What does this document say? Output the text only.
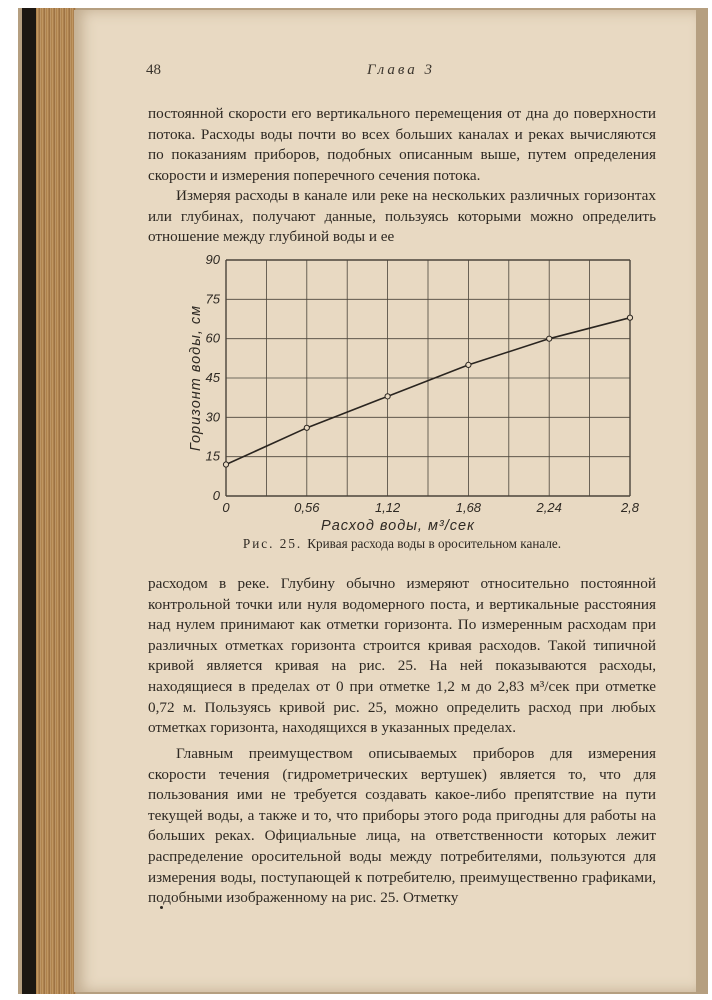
48	Глава 3

постоянной скорости его вертикального перемещения от дна до поверхности потока. Расходы воды почти во всех больших каналах и реках вычисляются по показаниям приборов, подобных описанным выше, путем определения скорости и измерения поперечного сечения потока.

Измеряя расходы в канале или реке на нескольких различных горизонтах или глубинах, получают данные, пользуясь которыми можно определить отношение между глубиной воды и ее

0	0,56	1,12	1,68	2,24	2,8
0
15
30
45
60
75
90
Расход воды, м³/сек
Горизонт воды, см
Рис. 25. Кривая расхода воды в оросительном канале.

расходом в реке. Глубину обычно измеряют относительно постоянной контрольной точки или нуля водомерного поста, и вертикальные расстояния над нулем принимают как отметки горизонта. По измеренным расходам при различных отметках горизонта строится кривая расходов. Такой типичной кривой является кривая на рис. 25. На ней показываются расходы, находящиеся в пределах от 0 при отметке 1,2 м до 2,83 м³/сек при отметке 0,72 м. Пользуясь кривой рис. 25, можно определить расход при любых отметках горизонта, находящихся в указанных пределах.

Главным преимуществом описываемых приборов для измерения скорости течения (гидрометрических вертушек) является то, что для пользования ими не требуется создавать какое-либо препятствие на пути текущей воды, а также и то, что приборы этого рода пригодны для работы на больших реках. Официальные лица, на ответственности которых лежит распределение оросительной воды между потребителями, пользуются для измерения воды, поступающей к потребителю, преимущественно графиками, подобными изображенному на рис. 25. Отметку
